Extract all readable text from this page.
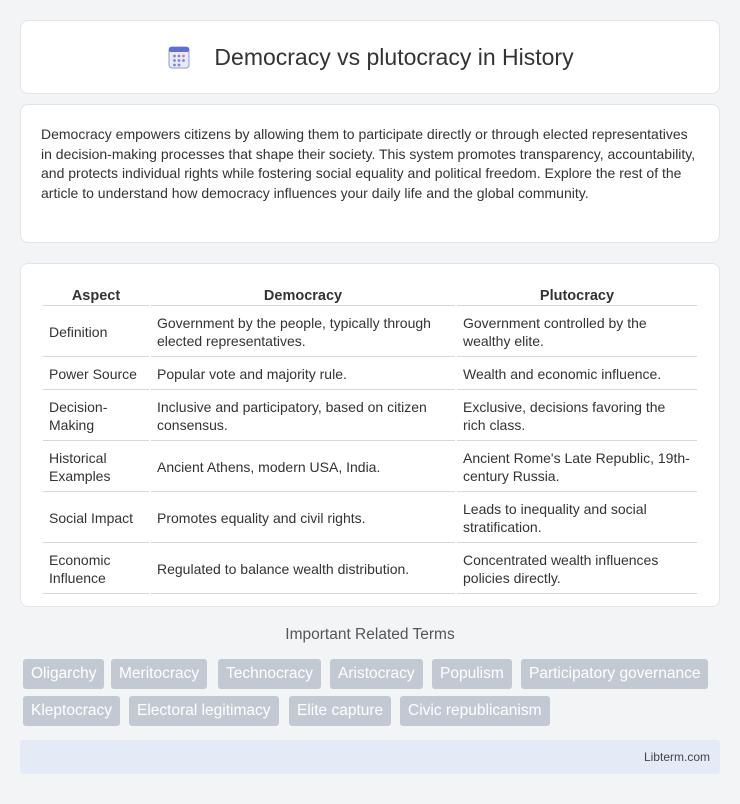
Democracy vs plutocracy in History

Democracy empowers citizens by allowing them to participate directly or through elected representatives in decision-making processes that shape their society. This system promotes transparency, accountability, and protects individual rights while fostering social equality and political freedom. Explore the rest of the article to understand how democracy influences your daily life and the global community.

Aspect	Democracy	Plutocracy
Definition	Government by the people, typically through elected representatives.	Government controlled by the wealthy elite.
Power Source	Popular vote and majority rule.	Wealth and economic influence.
Decision-Making	Inclusive and participatory, based on citizen consensus.	Exclusive, decisions favoring the rich class.
Historical Examples	Ancient Athens, modern USA, India.	Ancient Rome's Late Republic, 19th-century Russia.
Social Impact	Promotes equality and civil rights.	Leads to inequality and social stratification.
Economic Influence	Regulated to balance wealth distribution.	Concentrated wealth influences policies directly.
Important Related Terms
Oligarchy	Meritocracy	Technocracy	Aristocracy	Populism	Participatory governance
Kleptocracy	Electoral legitimacy	Elite capture	Civic republicanism
Libterm.com
